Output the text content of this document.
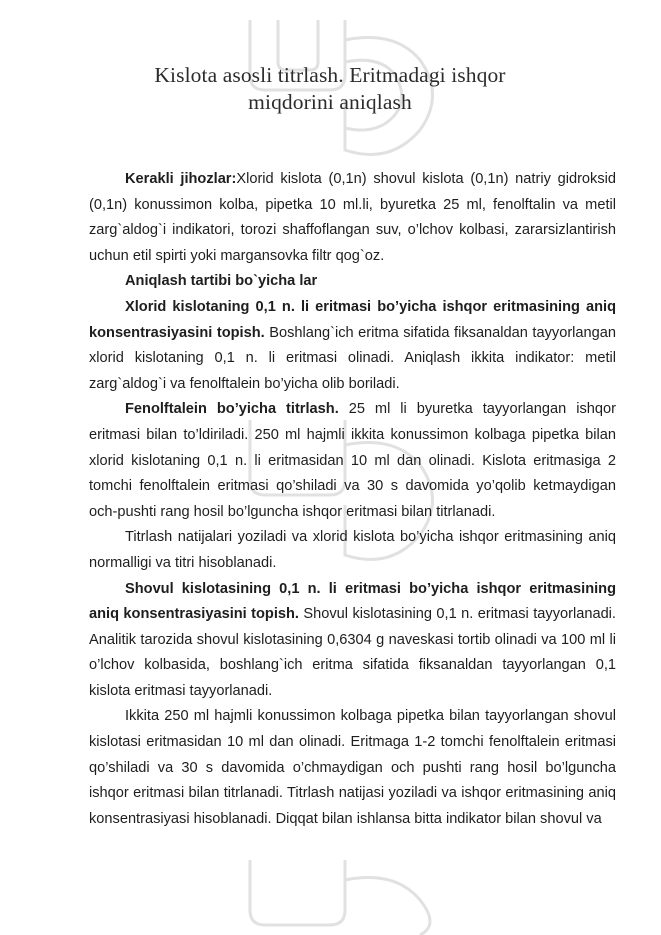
Kislota asosli titrlash. Eritmadagi ishqor
miqdorini aniqlash

Kerakli jihozlar:Xlorid kislota (0,1n) shovul kislota (0,1n) natriy gidroksid (0,1n) konussimon kolba, pipetka 10 ml.li, byuretka 25 ml, fenolftalin va metil zarg`aldog`i indikatori, torozi shaffoflangan suv, o’lchov kolbasi, zararsizlantirish uchun etil spirti yoki margansovka filtr qog`oz.

Aniqlash tartibi bo`yicha lar

Xlorid kislotaning 0,1 n. li eritmasi bo’yicha ishqor eritmasining aniq konsentrasiyasini topish. Boshlang`ich eritma sifatida fiksanaldan tayyorlangan xlorid kislotaning 0,1 n. li eritmasi olinadi. Aniqlash ikkita indikator: metil zarg`aldog`i va fenolftalein bo’yicha olib boriladi.

Fenolftalein bo’yicha titrlash. 25 ml li byuretka tayyorlangan ishqor eritmasi bilan to’ldiriladi. 250 ml hajmli ikkita konussimon kolbaga pipetka bilan xlorid kislotaning 0,1 n. li eritmasidan 10 ml dan olinadi. Kislota eritmasiga 2 tomchi fenolftalein eritmasi qo’shiladi va 30 s davomida yo’qolib ketmaydigan och-pushti rang hosil bo’lguncha ishqor eritmasi bilan titrlanadi.

Titrlash natijalari yoziladi va xlorid kislota bo’yicha ishqor eritmasining aniq normalligi va titri hisoblanadi.

Shovul kislotasining 0,1 n. li eritmasi bo’yicha ishqor eritmasining aniq konsentrasiyasini topish. Shovul kislotasining 0,1 n. eritmasi tayyorlanadi. Analitik tarozida shovul kislotasining 0,6304 g naveskasi tortib olinadi va 100 ml li o’lchov kolbasida, boshlang`ich eritma sifatida fiksanaldan tayyorlangan 0,1 kislota eritmasi tayyorlanadi.

Ikkita 250 ml hajmli konussimon kolbaga pipetka bilan tayyorlangan shovul kislotasi eritmasidan 10 ml dan olinadi. Eritmaga 1-2 tomchi fenolftalein eritmasi qo’shiladi va 30 s davomida o’chmaydigan och pushti rang hosil bo’lguncha ishqor eritmasi bilan titrlanadi. Titrlash natijasi yoziladi va ishqor eritmasining aniq konsentrasiyasi hisoblanadi. Diqqat bilan ishlansa bitta indikator bilan shovul va
